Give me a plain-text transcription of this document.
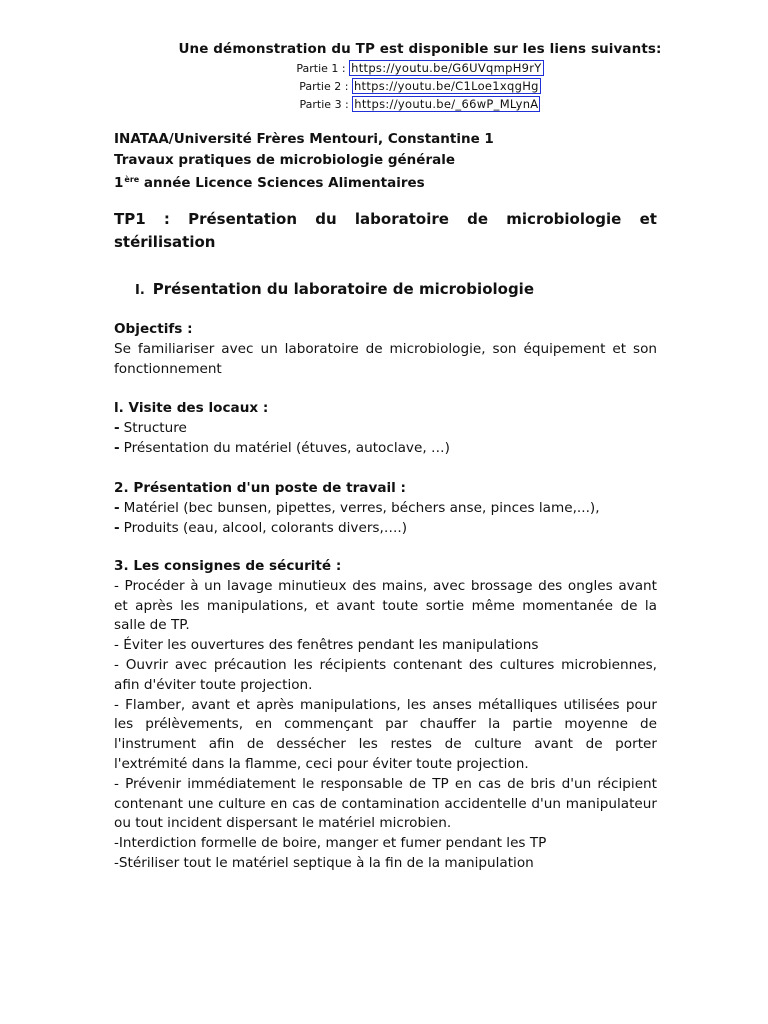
Une démonstration du TP est disponible sur les liens suivants:
Partie 1 : https://youtu.be/G6UVqmpH9rY
Partie 2 : https://youtu.be/C1Loe1xqgHg
Partie 3 : https://youtu.be/_66wP_MLynA
INATAA/Université Frères Mentouri, Constantine 1
Travaux pratiques de microbiologie générale
1ère année Licence Sciences Alimentaires
TP1 : Présentation du laboratoire de microbiologie et
stérilisation
I. Présentation du laboratoire de microbiologie
Objectifs :
Se familiariser avec un laboratoire de microbiologie, son équipement et son
fonctionnement
l. Visite des locaux :
- Structure
- Présentation du matériel (étuves, autoclave, …)
2. Présentation d'un poste de travail :
- Matériel (bec bunsen, pipettes, verres, béchers anse, pinces lame,...),
- Produits (eau, alcool, colorants divers,….)
3. Les consignes de sécurité :
- Procéder à un lavage minutieux des mains, avec brossage des ongles avant
et après les manipulations, et avant toute sortie même momentanée de la
salle de TP.
- Éviter les ouvertures des fenêtres pendant les manipulations
- Ouvrir avec précaution les récipients contenant des cultures microbiennes,
afin d'éviter toute projection.
- Flamber, avant et après manipulations, les anses métalliques utilisées pour
les prélèvements, en commençant par chauffer la partie moyenne de
l'instrument afin de dessécher les restes de culture avant de porter
l'extrémité dans la flamme, ceci pour éviter toute projection.
- Prévenir immédiatement le responsable de TP en cas de bris d'un récipient
contenant une culture en cas de contamination accidentelle d'un manipulateur
ou tout incident dispersant le matériel microbien.
-Interdiction formelle de boire, manger et fumer pendant les TP
-Stériliser tout le matériel septique à la fin de la manipulation
